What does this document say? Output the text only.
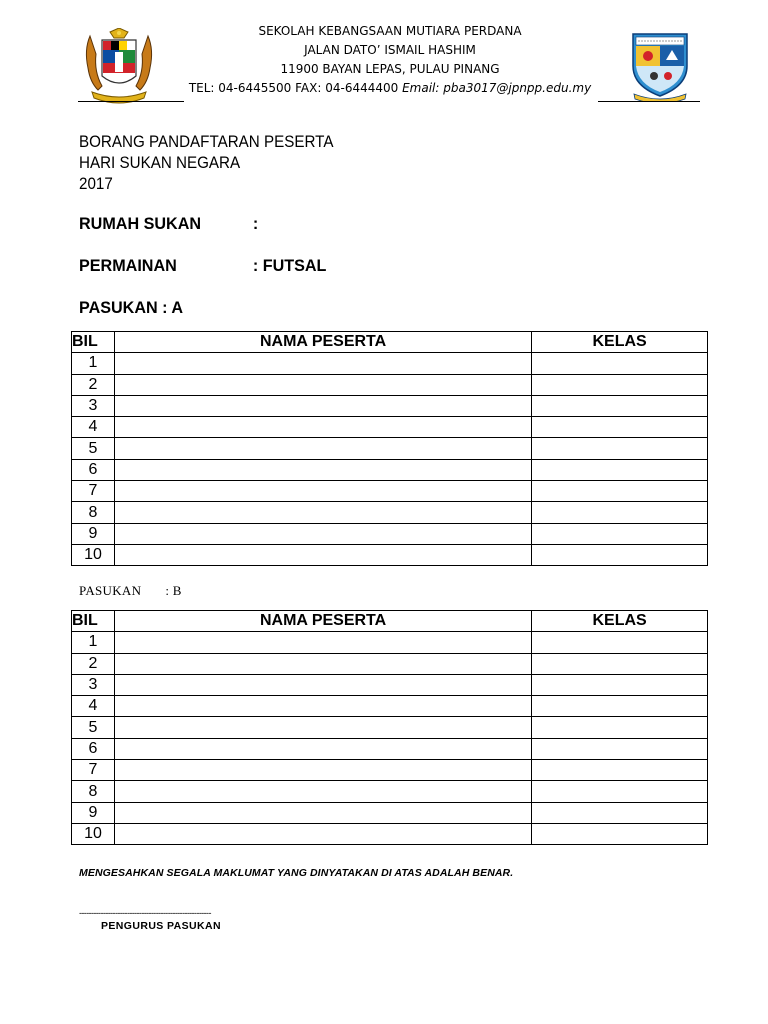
SEKOLAH KEBANGSAAN MUTIARA PERDANA
JALAN DATO’ ISMAIL HASHIM
11900 BAYAN LEPAS, PULAU PINANG
TEL: 04-6445500 FAX: 04-6444400 Email: pba3017@jpnpp.edu.my
BORANG PANDAFTARAN PESERTA
HARI SUKAN NEGARA
2017
RUMAH SUKAN	:
PERMAINAN	: FUTSAL
PASUKAN : A
BIL	NAMA PESERTA	KELAS
1		
2		
3		
4		
5		
6		
7		
8		
9		
10		
PASUKAN : B
BIL	NAMA PESERTA	KELAS
1		
2		
3		
4		
5		
6		
7		
8		
9		
10		
MENGESAHKAN SEGALA MAKLUMAT YANG DINYATAKAN DI ATAS ADALAH BENAR.
-------------------------------------------------------
PENGURUS PASUKAN
